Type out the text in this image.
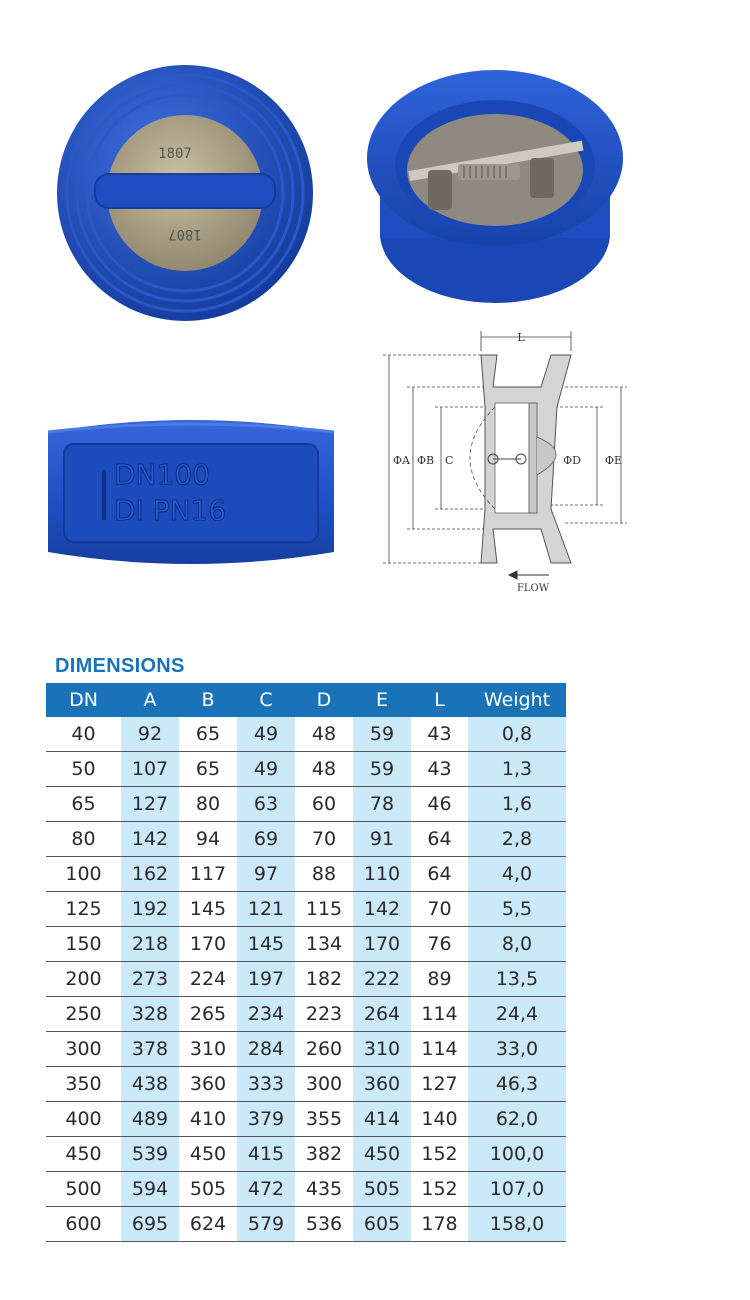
1807
1807
DN100
DI PN16
L
ΦA ΦB C	ΦD ΦE
FLOW
DIMENSIONS
DN	A	B	C	D	E	L	Weight
40	92	65	49	48	59	43	0,8
50	107	65	49	48	59	43	1,3
65	127	80	63	60	78	46	1,6
80	142	94	69	70	91	64	2,8
100	162	117	97	88	110	64	4,0
125	192	145	121	115	142	70	5,5
150	218	170	145	134	170	76	8,0
200	273	224	197	182	222	89	13,5
250	328	265	234	223	264	114	24,4
300	378	310	284	260	310	114	33,0
350	438	360	333	300	360	127	46,3
400	489	410	379	355	414	140	62,0
450	539	450	415	382	450	152	100,0
500	594	505	472	435	505	152	107,0
600	695	624	579	536	605	178	158,0
